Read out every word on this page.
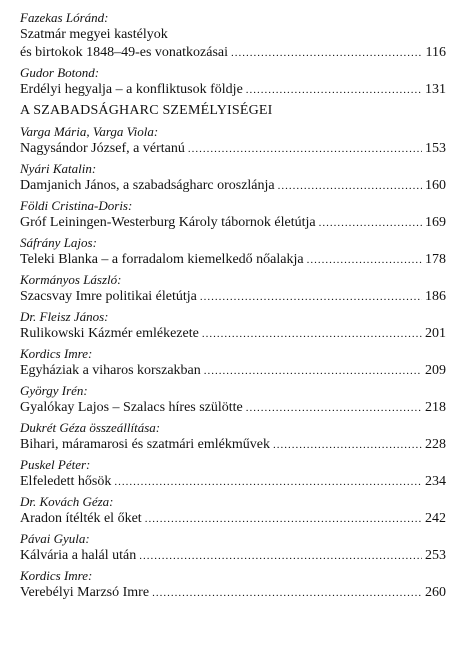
Fazekas Lóránd:
Szatmár megyei kastélyok
és birtokok 1848–49-es vonatkozásai .....	116
Gudor Botond:
Erdélyi hegyalja – a konfliktusok földje .....	131
A SZABADSÁGHARC SZEMÉLYISÉGEI
Varga Mária, Varga Viola:
Nagysándor József, a vértanú .....	153
Nyári Katalin:
Damjanich János, a szabadságharc oroszlánja .....	160
Földi Cristina-Doris:
Gróf Leiningen-Westerburg Károly tábornok életútja .....	169
Sáfrány Lajos:
Teleki Blanka – a forradalom kiemelkedő nőalakja .....	178
Kormányos László:
Szacsvay Imre politikai életútja .....	186
Dr. Fleisz János:
Rulikowski Kázmér emlékezete .....	201
Kordics Imre:
Egyháziak a viharos korszakban .....	209
György Irén:
Gyalókay Lajos – Szalacs híres szülötte .....	218
Dukrét Géza összeállítása:
Bihari, máramarosi és szatmári emlékművek .....	228
Puskel Péter:
Elfeledett hősök .....	234
Dr. Kovách Géza:
Aradon ítélték el őket .....	242
Pávai Gyula:
Kálvária a halál után .....	253
Kordics Imre:
Verebélyi Marzsó Imre .....	260
